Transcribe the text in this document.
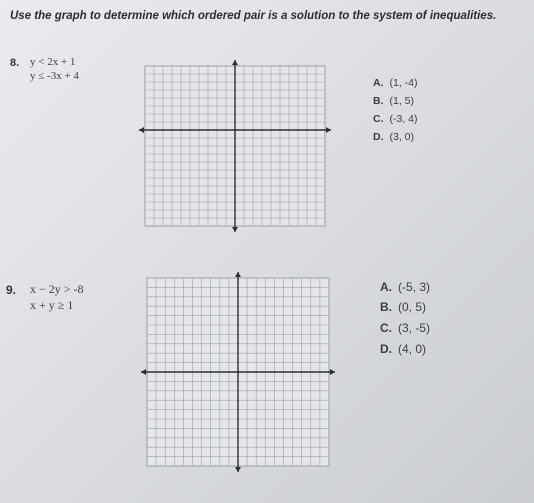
Use the graph to determine which ordered pair is a solution to the system of inequalities.
8. y < 2x + 1
y ≤ -3x + 4
A. (1, -4)
B. (1, 5)
C. (-3, 4)
D. (3, 0)
9. x − 2y > -8
x + y ≥ 1
A. (-5, 3)
B. (0, 5)
C. (3, -5)
D. (4, 0)
